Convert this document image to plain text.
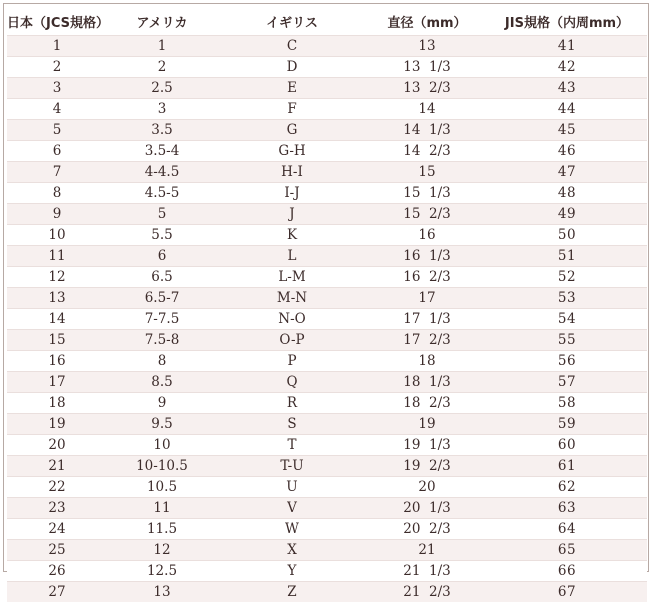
日本（JCS規格）	アメリカ	イギリス	直径（mm）	JIS規格（内周mm）
1	1	C	13	41
2	2	D	13  1/3	42
3	2.5	E	13  2/3	43
4	3	F	14	44
5	3.5	G	14  1/3	45
6	3.5-4	G-H	14  2/3	46
7	4-4.5	H-I	15	47
8	4.5-5	I-J	15  1/3	48
9	5	J	15  2/3	49
10	5.5	K	16	50
11	6	L	16  1/3	51
12	6.5	L-M	16  2/3	52
13	6.5-7	M-N	17	53
14	7-7.5	N-O	17  1/3	54
15	7.5-8	O-P	17  2/3	55
16	8	P	18	56
17	8.5	Q	18  1/3	57
18	9	R	18  2/3	58
19	9.5	S	19	59
20	10	T	19  1/3	60
21	10-10.5	T-U	19  2/3	61
22	10.5	U	20	62
23	11	V	20  1/3	63
24	11.5	W	20  2/3	64
25	12	X	21	65
26	12.5	Y	21  1/3	66
27	13	Z	21  2/3	67
